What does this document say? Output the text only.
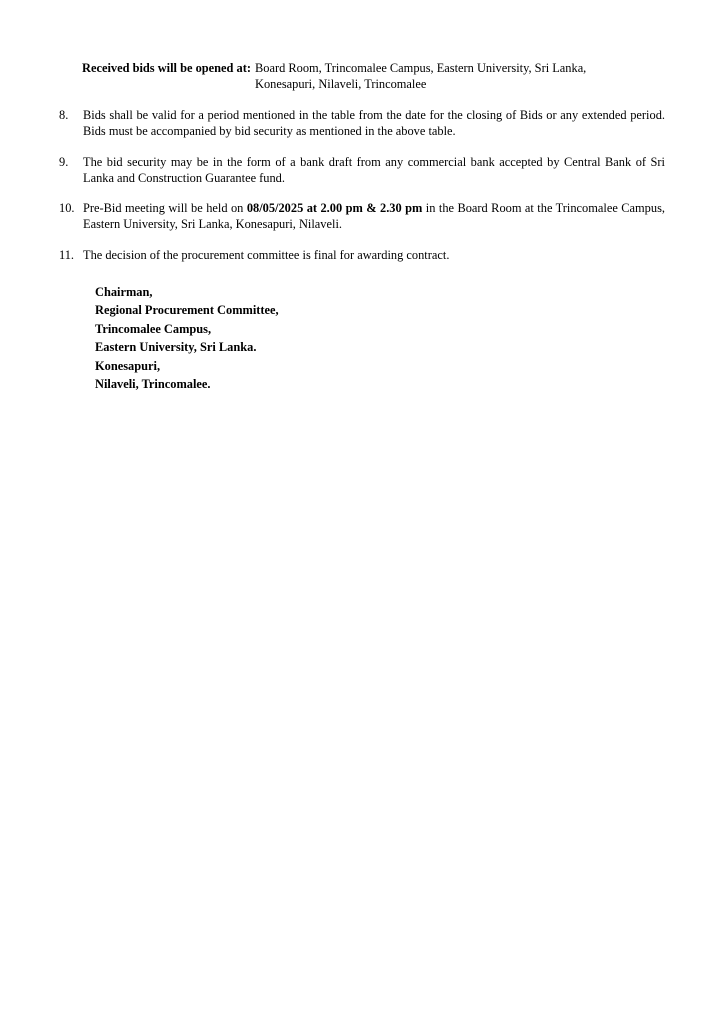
Received bids will be opened at: Board Room, Trincomalee Campus, Eastern University, Sri Lanka,
Konesapuri, Nilaveli, Trincomalee
8.	Bids shall be valid for a period mentioned in the table from the date for the closing of Bids or any extended period. Bids must be accompanied by bid security as mentioned in the above table.
9.	The bid security may be in the form of a bank draft from any commercial bank accepted by Central Bank of Sri Lanka and Construction Guarantee fund.
10. Pre-Bid meeting will be held on 08/05/2025 at 2.00 pm & 2.30 pm in the Board Room at the Trincomalee Campus, Eastern University, Sri Lanka, Konesapuri, Nilaveli.
11. The decision of the procurement committee is final for awarding contract.
Chairman,
Regional Procurement Committee,
Trincomalee Campus,
Eastern University, Sri Lanka.
Konesapuri,
Nilaveli, Trincomalee.
